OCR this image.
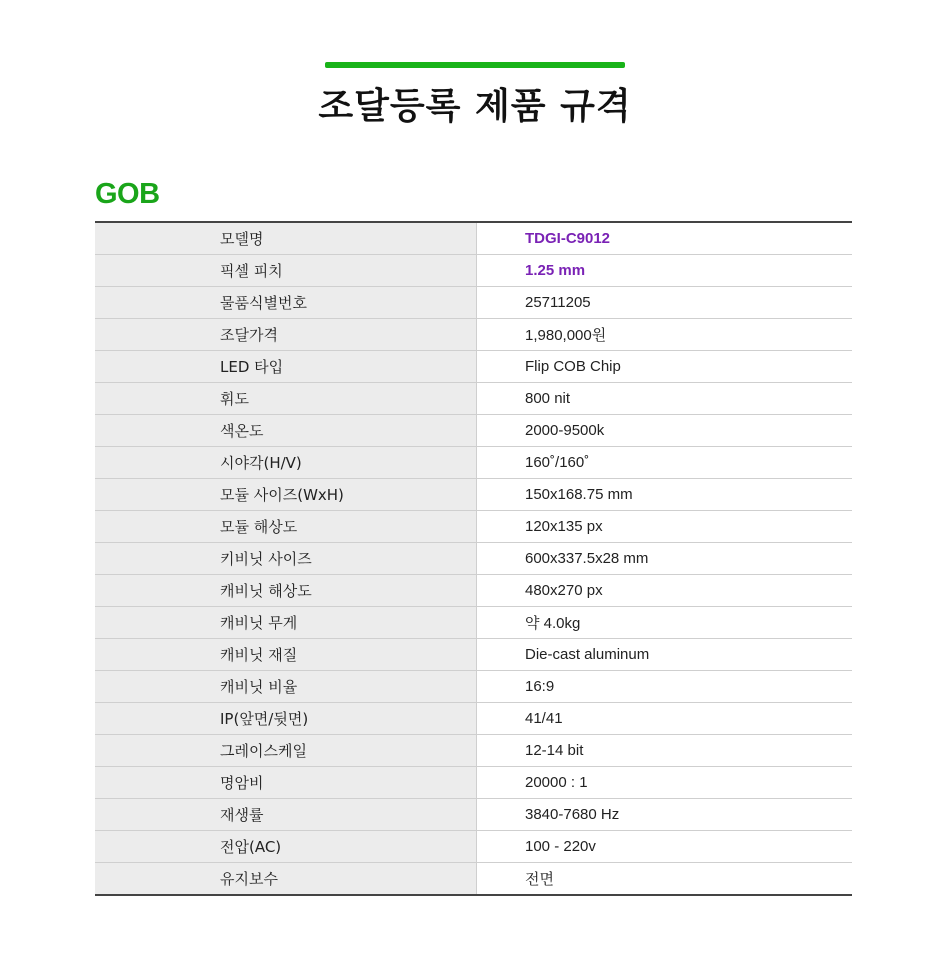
조달등록 제품 규격
GOB
모델명	TDGI-C9012
픽셀 피치	1.25 mm
물품식별번호	25711205
조달가격	1,980,000원
LED 타입	Flip COB Chip
휘도	800 nit
색온도	2000-9500k
시야각(H/V)	160˚/160˚
모듈 사이즈(WxH)	150x168.75 mm
모듈 해상도	120x135 px
키비닛 사이즈	600x337.5x28 mm
캐비닛 해상도	480x270 px
캐비닛 무게	약 4.0kg
캐비닛 재질	Die-cast aluminum
캐비닛 비율	16:9
IP(앞면/뒷면)	41/41
그레이스케일	12-14 bit
명암비	20000 : 1
재생률	3840-7680 Hz
전압(AC)	100 - 220v
유지보수	전면
